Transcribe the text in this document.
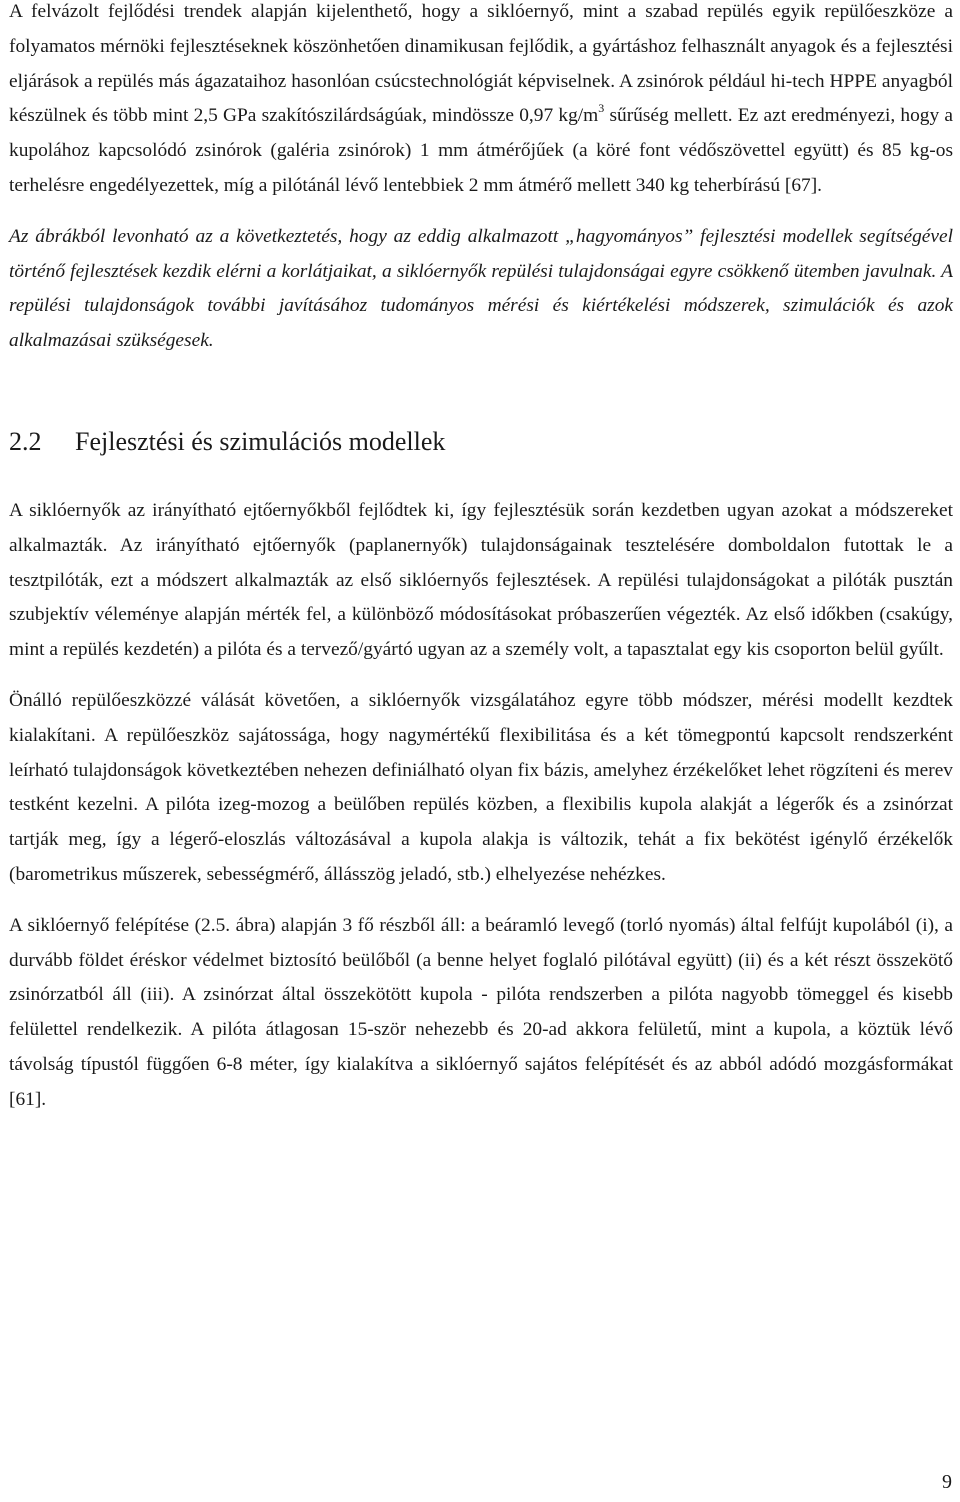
A felvázolt fejlődési trendek alapján kijelenthető, hogy a siklóernyő, mint a szabad repülés egyik repülőeszköze a folyamatos mérnöki fejlesztéseknek köszönhetően dinamikusan fejlődik, a gyártáshoz felhasznált anyagok és a fejlesztési eljárások a repülés más ágazataihoz hasonlóan csúcstechnológiát képviselnek. A zsinórok például hi-tech HPPE anyagból készülnek és több mint 2,5 GPa szakítószilárdságúak, mindössze 0,97 $kg/m^3$ sűrűség mellett. Ez azt eredményezi, hogy a kupolához kapcsolódó zsinórok (galéria zsinórok) 1 mm átmérőjűek (a köré font védőszövettel együtt) és 85 kg-os terhelésre engedélyezettek, míg a pilótánál lévő lentebbiek 2 mm átmérő mellett 340 kg teherbírású [67].

Az ábrákból levonható az a következtetés, hogy az eddig alkalmazott „hagyományos” fejlesztési modellek segítségével történő fejlesztések kezdik elérni a korlátjaikat, a siklóernyők repülési tulajdonságai egyre csökkenő ütemben javulnak. A repülési tulajdonságok további javításához tudományos mérési és kiértékelési módszerek, szimulációk és azok alkalmazásai szükségesek.

2.2 Fejlesztési és szimulációs modellek

A siklóernyők az irányítható ejtőernyőkből fejlődtek ki, így fejlesztésük során kezdetben ugyan azokat a módszereket alkalmazták. Az irányítható ejtőernyők (paplanernyők) tulajdonságainak tesztelésére domboldalon futottak le a tesztpilóták, ezt a módszert alkalmazták az első siklóernyős fejlesztések. A repülési tulajdonságokat a pilóták pusztán szubjektív véleménye alapján mérték fel, a különböző módosításokat próbaszerűen végezték. Az első időkben (csakúgy, mint a repülés kezdetén) a pilóta és a tervező/gyártó ugyan az a személy volt, a tapasztalat egy kis csoporton belül gyűlt.

Önálló repülőeszközzé válását követően, a siklóernyők vizsgálatához egyre több módszer, mérési modellt kezdtek kialakítani. A repülőeszköz sajátossága, hogy nagymértékű flexibilitása és a két tömegpontú kapcsolt rendszerként leírható tulajdonságok következtében nehezen definiálható olyan fix bázis, amelyhez érzékelőket lehet rögzíteni és merev testként kezelni. A pilóta izeg-mozog a beülőben repülés közben, a flexibilis kupola alakját a légerők és a zsinórzat tartják meg, így a légerő-eloszlás változásával a kupola alakja is változik, tehát a fix bekötést igénylő érzékelők (barometrikus műszerek, sebességmérő, állásszög jeladó, stb.) elhelyezése nehézkes.

A siklóernyő felépítése (2.5. ábra) alapján 3 fő részből áll: a beáramló levegő (torló nyomás) által felfújt kupolából (i), a durvább földet éréskor védelmet biztosító beülőből (a benne helyet foglaló pilótával együtt) (ii) és a két részt összekötő zsinórzatból áll (iii). A zsinórzat által összekötött kupola - pilóta rendszerben a pilóta nagyobb tömeggel és kisebb felülettel rendelkezik. A pilóta átlagosan 15-ször nehezebb és 20-ad akkora felületű, mint a kupola, a köztük lévő távolság típustól függően 6-8 méter, így kialakítva a siklóernyő sajátos felépítését és az abból adódó mozgásformákat [61].

9
